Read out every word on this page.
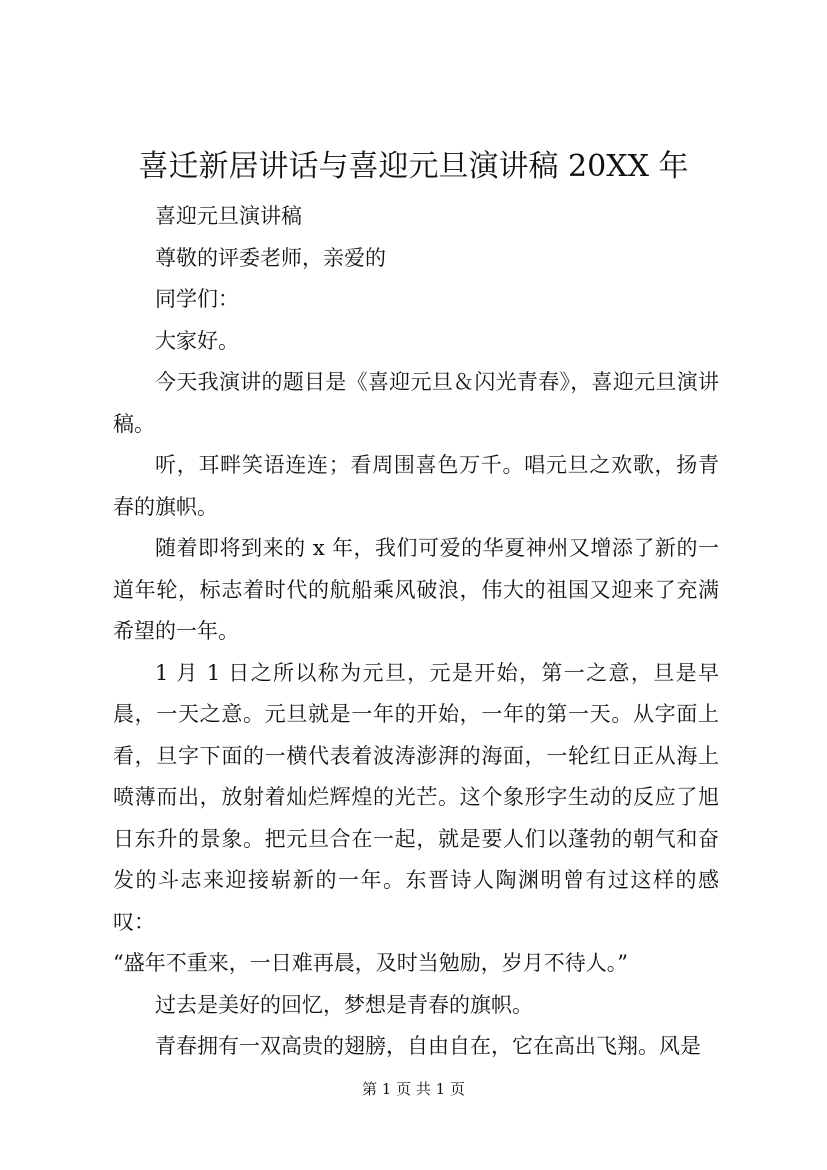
喜迁新居讲话与喜迎元旦演讲稿 20XX 年

喜迎元旦演讲稿

尊敬的评委老师，亲爱的

同学们：

大家好。

今天我演讲的题目是《喜迎元旦＆闪光青春》，喜迎元旦演讲稿。

听，耳畔笑语连连；看周围喜色万千。唱元旦之欢歌，扬青春的旗帜。

随着即将到来的 x 年，我们可爱的华夏神州又增添了新的一道年轮，标志着时代的航船乘风破浪，伟大的祖国又迎来了充满希望的一年。

1 月 1 日之所以称为元旦，元是开始，第一之意，旦是早晨，一天之意。元旦就是一年的开始，一年的第一天。从字面上看，旦字下面的一横代表着波涛澎湃的海面，一轮红日正从海上喷薄而出，放射着灿烂辉煌的光芒。这个象形字生动的反应了旭日东升的景象。把元旦合在一起，就是要人们以蓬勃的朝气和奋发的斗志来迎接崭新的一年。东晋诗人陶渊明曾有过这样的感叹：

“盛年不重来，一日难再晨，及时当勉励，岁月不待人。”

过去是美好的回忆，梦想是青春的旗帜。

青春拥有一双高贵的翅膀，自由自在，它在高出飞翔。风是

第 1 页 共 1 页
